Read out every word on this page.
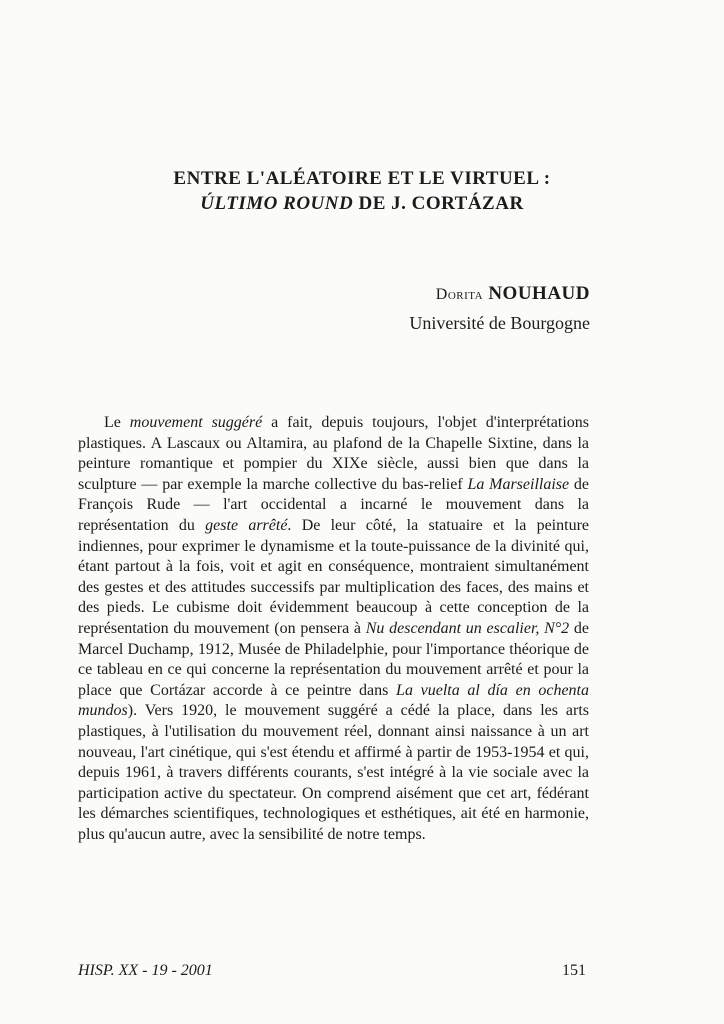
ENTRE L'ALÉATOIRE ET LE VIRTUEL :
ÚLTIMO ROUND DE J. CORTÁZAR
Dorita NOUHAUD
Université de Bourgogne

Le mouvement suggéré a fait, depuis toujours, l'objet d'interprétations plastiques. A Lascaux ou Altamira, au plafond de la Chapelle Sixtine, dans la peinture romantique et pompier du XIXe siècle, aussi bien que dans la sculpture — par exemple la marche collective du bas-relief La Marseillaise de François Rude — l'art occidental a incarné le mouvement dans la représentation du geste arrêté. De leur côté, la statuaire et la peinture indiennes, pour exprimer le dynamisme et la toute-puissance de la divinité qui, étant partout à la fois, voit et agit en conséquence, montraient simultanément des gestes et des attitudes successifs par multiplication des faces, des mains et des pieds. Le cubisme doit évidemment beaucoup à cette conception de la représentation du mouvement (on pensera à Nu descendant un escalier, N°2 de Marcel Duchamp, 1912, Musée de Philadelphie, pour l'importance théorique de ce tableau en ce qui concerne la représentation du mouvement arrêté et pour la place que Cortázar accorde à ce peintre dans La vuelta al día en ochenta mundos). Vers 1920, le mouvement suggéré a cédé la place, dans les arts plastiques, à l'utilisation du mouvement réel, donnant ainsi naissance à un art nouveau, l'art cinétique, qui s'est étendu et affirmé à partir de 1953-1954 et qui, depuis 1961, à travers différents courants, s'est intégré à la vie sociale avec la participation active du spectateur. On comprend aisément que cet art, fédérant les démarches scientifiques, technologiques et esthétiques, ait été en harmonie, plus qu'aucun autre, avec la sensibilité de notre temps.

HISP. XX - 19 - 2001	151
